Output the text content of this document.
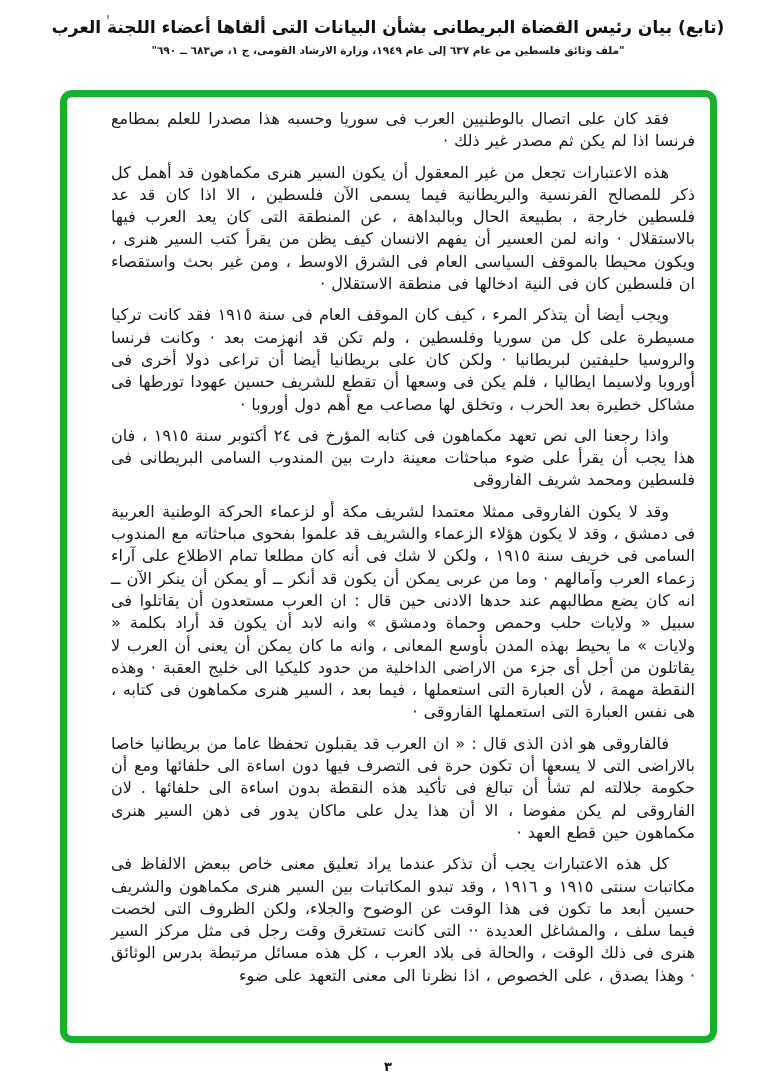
(تابع) بيان رئيس القضاة البريطانى بشأن البيانات التى ألقاها أعضاء اللجنة العرب
"ملف وثائق فلسطين من عام ٦٣٧ إلى عام ١٩٤٩، وزارة الارشاد القومى، ج ١، ص٦٨٣ ــ ٦٩٠"

فقد كان على اتصال بالوطنيين العرب فى سوريا وحسبه هذا مصدرا للعلم بمطامع فرنسا اذا لم يكن ثم مصدر غير ذلك ·

هذه الاعتبارات تجعل من غير المعقول أن يكون السير هنرى مكماهون قد أهمل كل ذكر للمصالح الفرنسية والبريطانية فيما يسمى الآن فلسطين ، الا اذا كان قد عد فلسطين خارجة ، بطبيعة الحال وبالبداهة ، عن المنطقة التى كان يعد العرب فيها بالاستقلال · وانه لمن العسير أن يفهم الانسان كيف يظن من يقرأ كتب السير هنرى ، ويكون محيطا بالموقف السياسى العام فى الشرق الاوسط ، ومن غير بحث واستقصاء ان فلسطين كان فى النية ادخالها فى منطقة الاستقلال ·

ويجب أيضا أن يتذكر المرء ، كيف كان الموقف العام فى سنة ١٩١٥ فقد كانت تركيا مسيطرة على كل من سوريا وفلسطين ، ولم تكن قد انهزمت بعد · وكانت فرنسا والروسيا حليفتين لبريطانيا · ولكن كان على بريطانيا أيضا أن تراعى دولا أخرى فى أوروبا ولاسيما ايطاليا ، فلم يكن فى وسعها أن تقطع للشريف حسين عهودا تورطها فى مشاكل خطيرة بعد الحرب ، وتخلق لها مصاعب مع أهم دول أوروبا ·

واذا رجعنا الى نص تعهد مكماهون فى كتابه المؤرخ فى ٢٤ أكتوبر سنة ١٩١٥ ، فان هذا يجب أن يقرأ على ضوء مباحثات معينة دارت بين المندوب السامى البريطانى فى فلسطين ومحمد شريف الفاروقى

وقد لا يكون الفاروقى ممثلا معتمدا لشريف مكة أو لزعماء الحركة الوطنية العربية فى دمشق ، وقد لا يكون هؤلاء الزعماء والشريف قد علموا بفحوى مباحثاته مع المندوب السامى فى خريف سنة ١٩١٥ ، ولكن لا شك فى أنه كان مطلعا تمام الاطلاع على آراء زعماء العرب وآمالهم · وما من عربى يمكن أن يكون قد أنكر ــ أو يمكن أن ينكر الآن ــ انه كان يضع مطالبهم عند حدها الادنى حين قال : ان العرب مستعدون أن يقاتلوا فى سبيل « ولايات حلب وحمص وحماة ودمشق » وانه لابد أن يكون قد أراد بكلمة « ولايات » ما يحيط بهذه المدن بأوسع المعانى ، وانه ما كان يمكن أن يعنى أن العرب لا يقاتلون من أجل أى جزء من الاراضى الداخلية من حدود كليكيا الى خليج العقبة · وهذه النقطة مهمة ، لأن العبارة التى استعملها ، فيما بعد ، السير هنرى مكماهون فى كتابه ، هى نفس العبارة التى استعملها الفاروقى ·

فالفاروقى هو اذن الذى قال : « ان العرب قد يقبلون تحفظا عاما من بريطانيا خاصا بالاراضى التى لا يسعها أن تكون حرة فى التصرف فيها دون اساءة الى حلفائها ومع أن حكومة جلالته لم تشأ أن تبالغ فى تأكيد هذه النقطة بدون اساءة الى حلفائها . لان الفاروقى لم يكن مفوضا ، الا أن هذا يدل على ماكان يدور فى ذهن السير هنرى مكماهون حين قطع العهد ·

كل هذه الاعتبارات يجب أن تذكر عندما يراد تعليق معنى خاص ببعض الالفاظ فى مكاتبات سنتى ١٩١٥ و ١٩١٦ ، وقد تبدو المكاتبات بين السير هنرى مكماهون والشريف حسين أبعد ما تكون فى هذا الوقت عن الوضوح والجلاء، ولكن الظروف التى لخصت فيما سلف ، والمشاغل العديدة ·· التى كانت تستغرق وقت رجل فى مثل مركز السير هنرى فى ذلك الوقت ، والحالة فى بلاد العرب ، كل هذه مسائل مرتبطة بدرس الوثائق · وهذا يصدق ، على الخصوص ، اذا نظرنا الى معنى التعهد على ضوء

٣
